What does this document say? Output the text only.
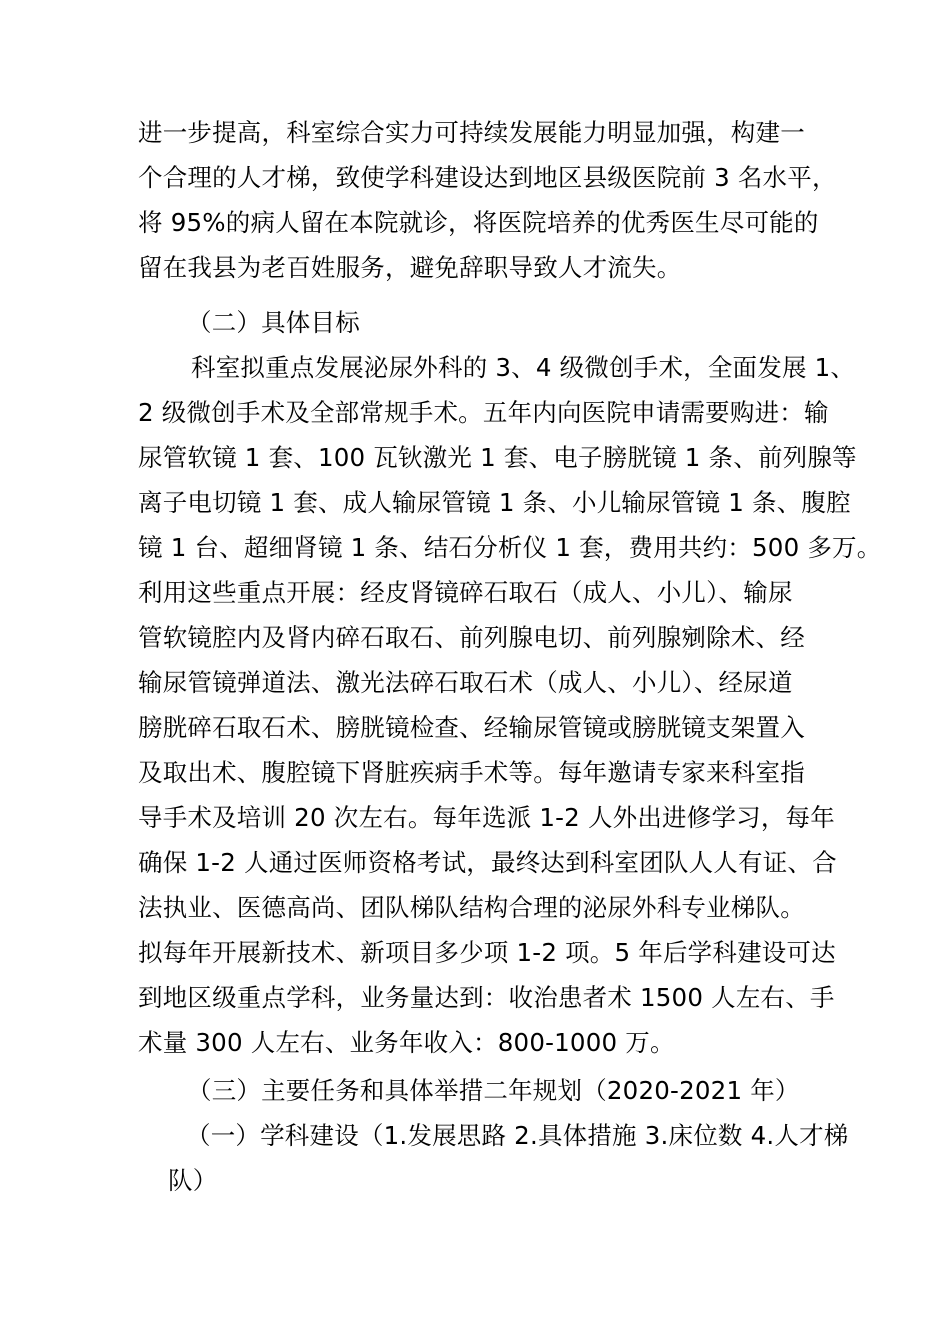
进一步提高，科室综合实力可持续发展能力明显加强，构建一
个合理的人才梯，致使学科建设达到地区县级医院前 3 名水平，
将 95%的病人留在本院就诊，将医院培养的优秀医生尽可能的
留在我县为老百姓服务，避免辞职导致人才流失。
（二）具体目标
科室拟重点发展泌尿外科的 3、4 级微创手术，全面发展 1、
2 级微创手术及全部常规手术。五年内向医院申请需要购进：输
尿管软镜 1 套、100 瓦钬激光 1 套、电子膀胱镜 1 条、前列腺等
离子电切镜 1 套、成人输尿管镜 1 条、小儿输尿管镜 1 条、腹腔
镜 1 台、超细肾镜 1 条、结石分析仪 1 套，费用共约：500 多万。
利用这些重点开展：经皮肾镜碎石取石（成人、小儿）、输尿
管软镜腔内及肾内碎石取石、前列腺电切、前列腺剜除术、经
输尿管镜弹道法、激光法碎石取石术（成人、小儿）、经尿道
膀胱碎石取石术、膀胱镜检查、经输尿管镜或膀胱镜支架置入
及取出术、腹腔镜下肾脏疾病手术等。每年邀请专家来科室指
导手术及培训 20 次左右。每年选派 1-2 人外出进修学习，每年
确保 1-2 人通过医师资格考试，最终达到科室团队人人有证、合
法执业、医德高尚、团队梯队结构合理的泌尿外科专业梯队。
拟每年开展新技术、新项目多少项 1-2 项。5 年后学科建设可达
到地区级重点学科，业务量达到：收治患者术 1500 人左右、手
术量 300 人左右、业务年收入：800-1000 万。
（三）主要任务和具体举措二年规划（2020-2021 年）
（一）学科建设（1.发展思路 2.具体措施 3.床位数 4.人才梯
队）
